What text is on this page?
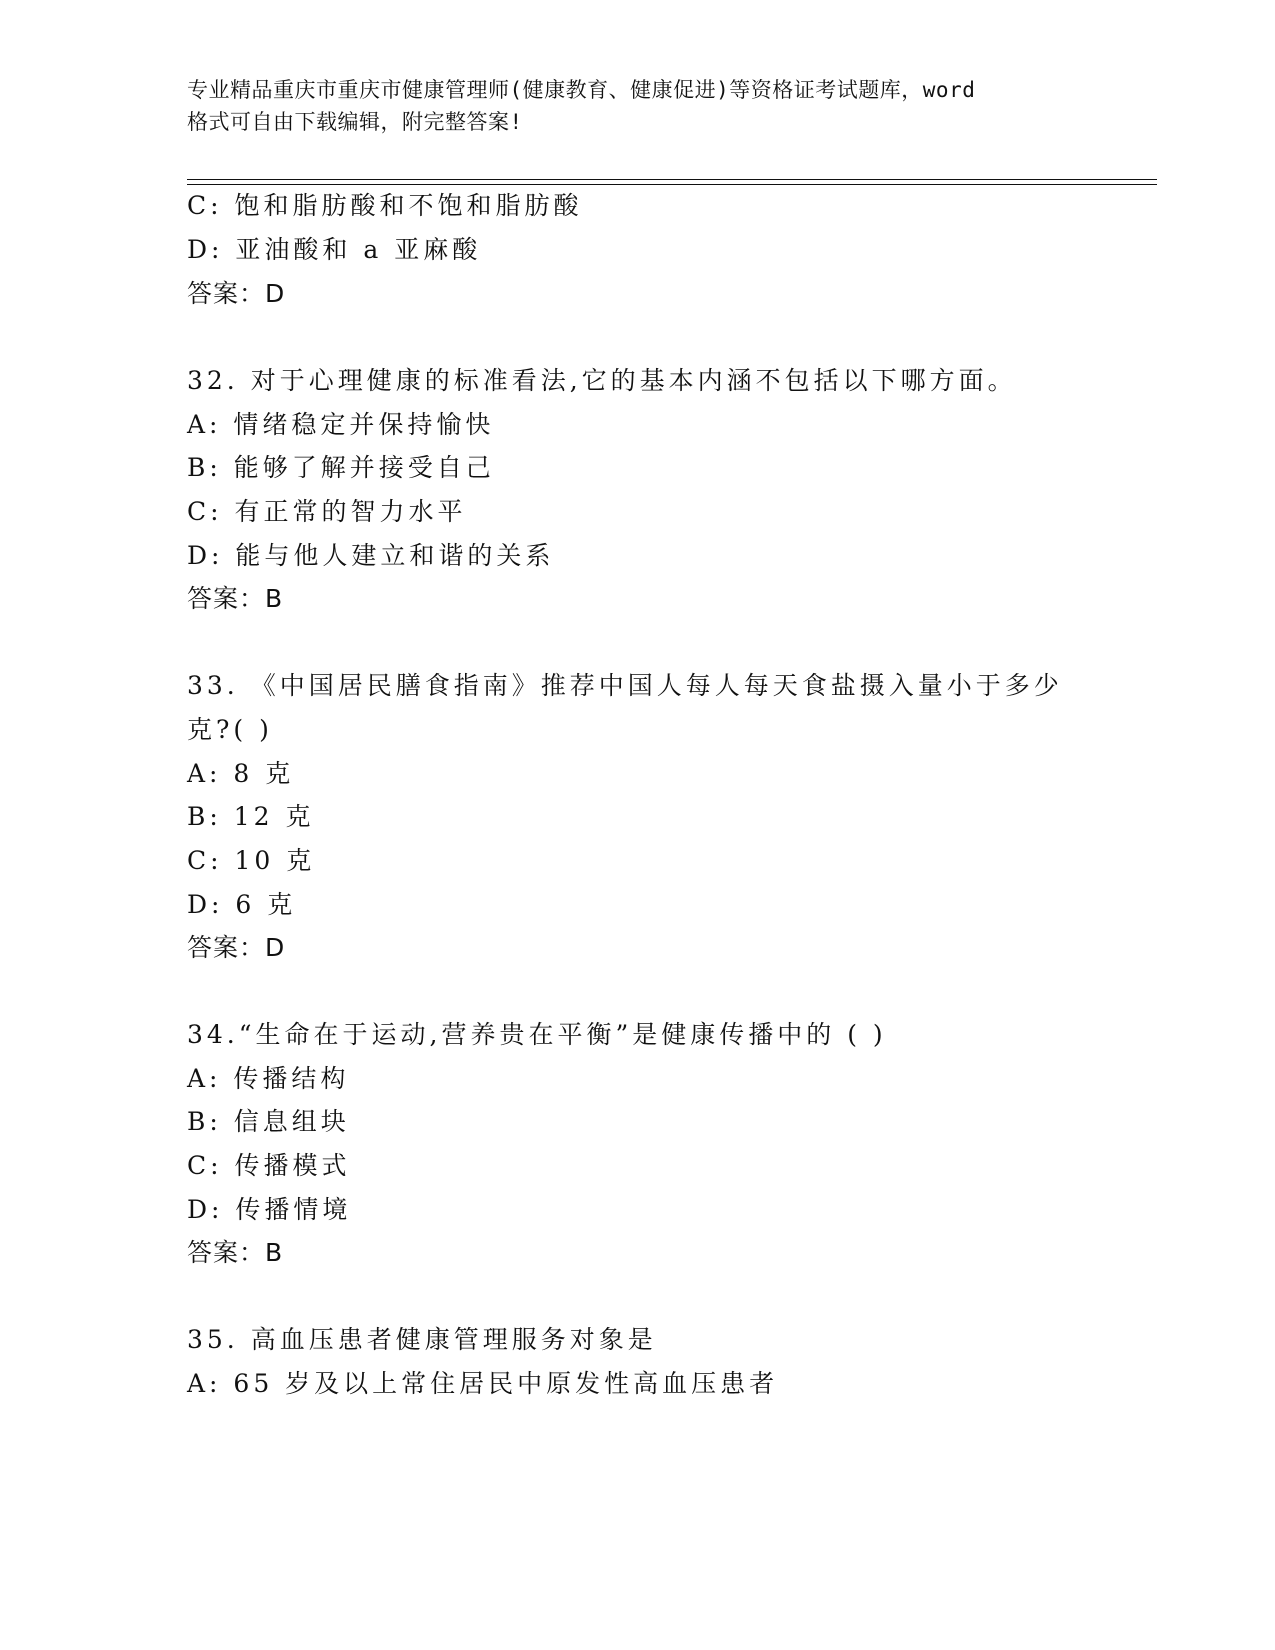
专业精品重庆市重庆市健康管理师(健康教育、健康促进)等资格证考试题库，word
格式可自由下载编辑，附完整答案!
C: 饱和脂肪酸和不饱和脂肪酸
D: 亚油酸和 a 亚麻酸
答案：D
32. 对于心理健康的标准看法,它的基本内涵不包括以下哪方面。
A: 情绪稳定并保持愉快
B: 能够了解并接受自己
C: 有正常的智力水平
D: 能与他人建立和谐的关系
答案：B
33. 《中国居民膳食指南》推荐中国人每人每天食盐摄入量小于多少
克?( )
A: 8 克
B: 12 克
C: 10 克
D: 6 克
答案：D
34.“生命在于运动,营养贵在平衡”是健康传播中的 ( )
A: 传播结构
B: 信息组块
C: 传播模式
D: 传播情境
答案：B
35. 高血压患者健康管理服务对象是
A: 65 岁及以上常住居民中原发性高血压患者
